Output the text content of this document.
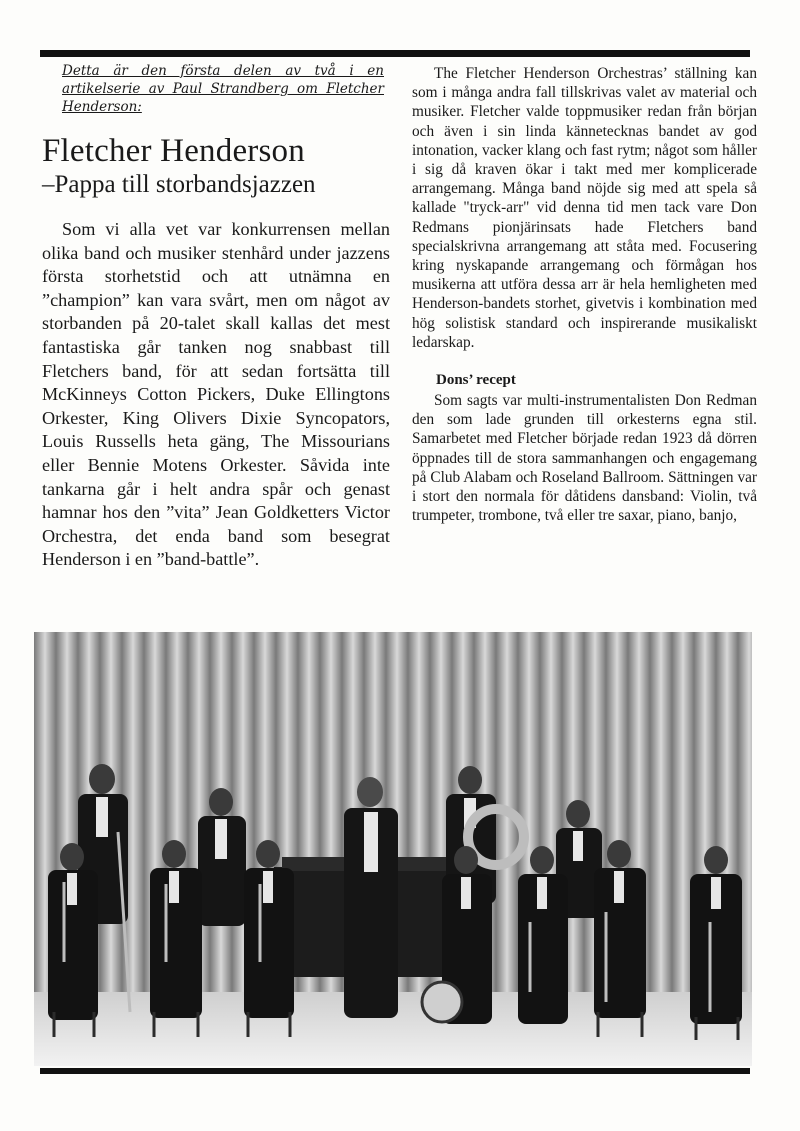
Detta är den första delen av två i en artikelserie av Paul Strandberg om Fletcher Henderson:
Fletcher Henderson
–Pappa till storbandsjazzen
Som vi alla vet var konkurrensen mellan olika band och musiker stenhård under jazzens första storhetstid och att utnämna en ”champion” kan vara svårt, men om något av storbanden på 20-talet skall kallas det mest fantastiska går tanken nog snabbast till Fletchers band, för att sedan fortsätta till McKinneys Cotton Pickers, Duke Ellingtons Orkester, King Olivers Dixie Syncopators, Louis Russells heta gäng, The Missourians eller Bennie Motens Orkester. Såvida inte tankarna går i helt andra spår och genast hamnar hos den ”vita” Jean Goldketters Victor Orchestra, det enda band som besegrat Henderson i en ”band-battle”.
The Fletcher Henderson Orchestras’ ställning kan som i många andra fall tillskrivas valet av material och musiker. Fletcher valde toppmusiker redan från början och även i sin linda kännetecknas bandet av god intonation, vacker klang och fast rytm; något som håller i sig då kraven ökar i takt med mer komplicerade arrangemang. Många band nöjde sig med att spela så kallade "tryck-arr" vid denna tid men tack vare Don Redmans pionjärinsats hade Fletchers band specialskrivna arrangemang att ståta med. Focusering kring nyskapande arrangemang och förmågan hos musikerna att utföra dessa arr är hela hemligheten med Henderson-bandets storhet, givetvis i kombination med hög solistisk standard och inspirerande musikaliskt ledarskap.
Dons’ recept
Som sagts var multi-instrumentalisten Don Redman den som lade grunden till orkesterns egna stil. Samarbetet med Fletcher började redan 1923 då dörren öppnades till de stora sammanhangen och engagemang på Club Alabam och Roseland Ballroom. Sättningen var i stort den normala för dåtidens dansband: Violin, två trumpeter, trombone, två eller tre saxar, piano, banjo,
